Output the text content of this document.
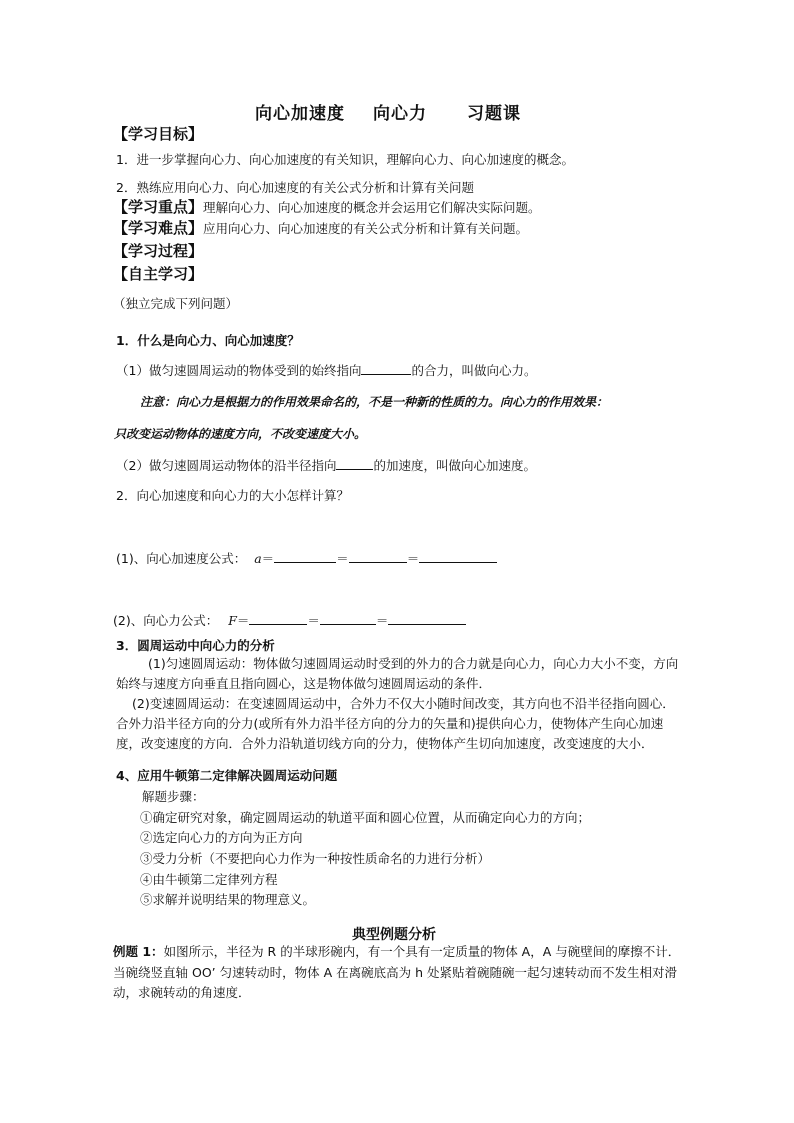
向心加速度 向心力 习题课
【学习目标】
1．进一步掌握向心力、向心加速度的有关知识，理解向心力、向心加速度的概念。
2．熟练应用向心力、向心加速度的有关公式分析和计算有关问题
【学习重点】理解向心力、向心加速度的概念并会运用它们解决实际问题。
【学习难点】应用向心力、向心加速度的有关公式分析和计算有关问题。
【学习过程】
【自主学习】
（独立完成下列问题）
1．什么是向心力、向心加速度？
（1）做匀速圆周运动的物体受到的始终指向	的合力，叫做向心力。
注意：向心力是根据力的作用效果命名的，不是一种新的性质的力。向心力的作用效果：
只改变运动物体的速度方向，不改变速度大小。
（2）做匀速圆周运动物体的沿半径指向	的加速度，叫做向心加速度。
2．向心加速度和向心力的大小怎样计算？
(1)、向心加速度公式： a＝	＝	＝
(2)、向心力公式： F＝	＝	＝
3．圆周运动中向心力的分析
(1)匀速圆周运动：物体做匀速圆周运动时受到的外力的合力就是向心力，向心力大小不变，方向始终与速度方向垂直且指向圆心，这是物体做匀速圆周运动的条件．
(2)变速圆周运动：在变速圆周运动中，合外力不仅大小随时间改变，其方向也不沿半径指向圆心．合外力沿半径方向的分力(或所有外力沿半径方向的分力的矢量和)提供向心力，使物体产生向心加速度，改变速度的方向．合外力沿轨道切线方向的分力，使物体产生切向加速度，改变速度的大小．
4、应用牛顿第二定律解决圆周运动问题
解题步骤：
①确定研究对象，确定圆周运动的轨道平面和圆心位置，从而确定向心力的方向；
②选定向心力的方向为正方向
③受力分析（不要把向心力作为一种按性质命名的力进行分析）
④由牛顿第二定律列方程
⑤求解并说明结果的物理意义。
典型例题分析
例题 1：如图所示，半径为 R 的半球形碗内，有一个具有一定质量的物体 A，A 与碗壁间的摩擦不计．当碗绕竖直轴 OO’ 匀速转动时，物体 A 在离碗底高为 h 处紧贴着碗随碗一起匀速转动而不发生相对滑动，求碗转动的角速度．
